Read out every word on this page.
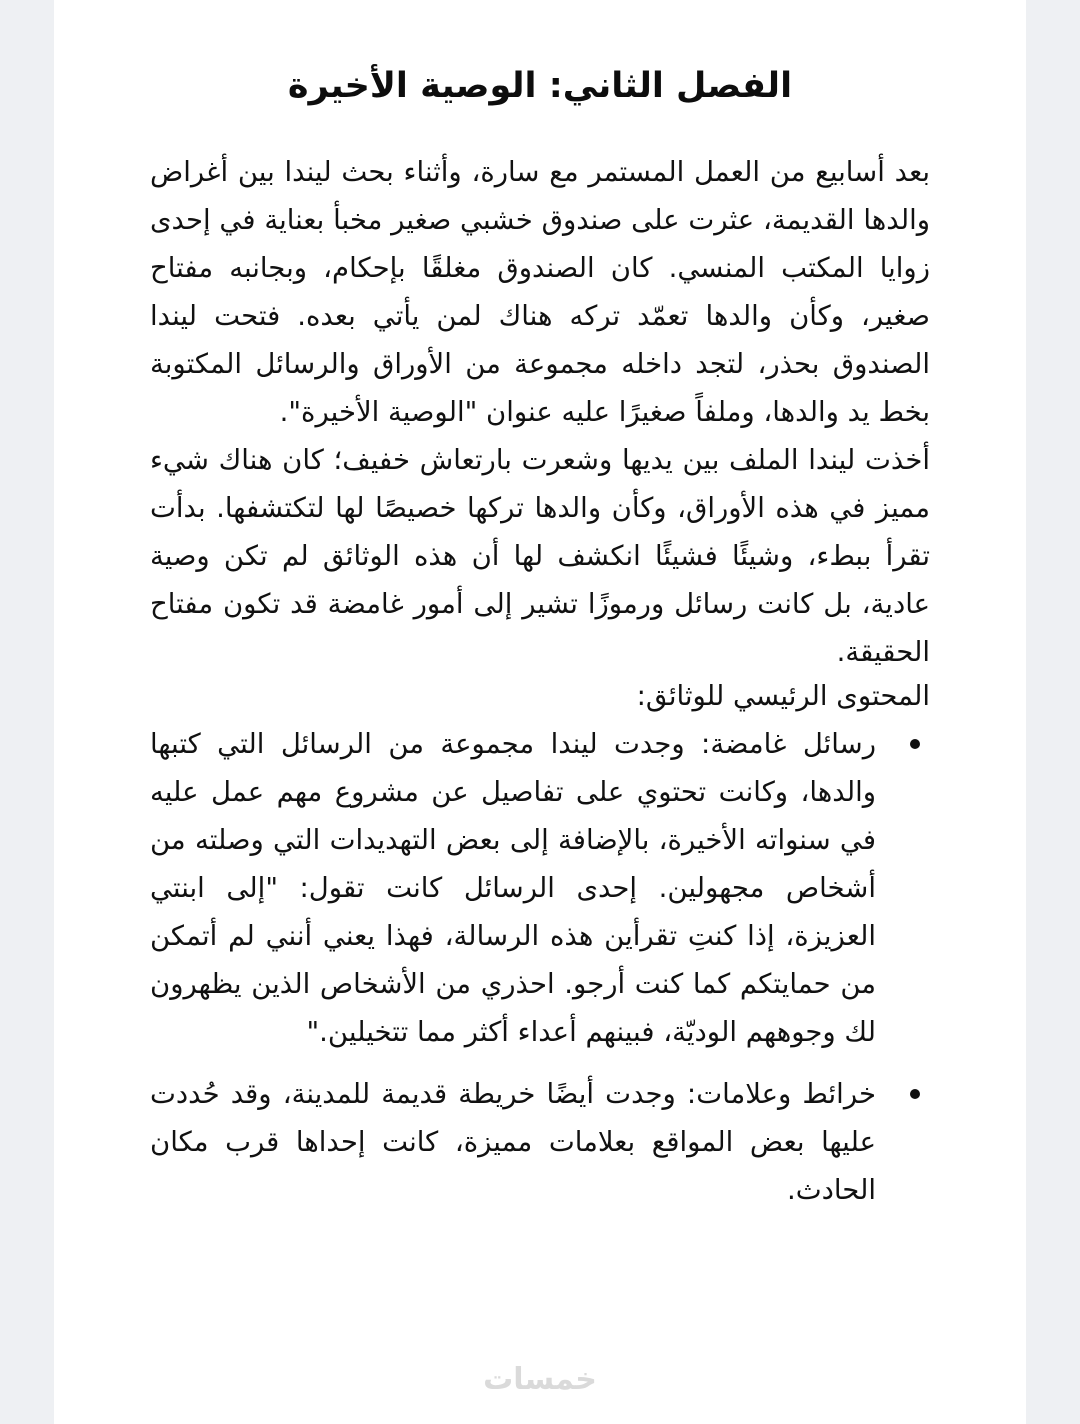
الفصل الثاني: الوصية الأخيرة

بعد أسابيع من العمل المستمر مع سارة، وأثناء بحث ليندا بين أغراض والدها القديمة، عثرت على صندوق خشبي صغير مخبأ بعناية في إحدى زوايا المكتب المنسي. كان الصندوق مغلقًا بإحكام، وبجانبه مفتاح صغير، وكأن والدها تعمّد تركه هناك لمن يأتي بعده. فتحت ليندا الصندوق بحذر، لتجد داخله مجموعة من الأوراق والرسائل المكتوبة بخط يد والدها، وملفاً صغيرًا عليه عنوان "الوصية الأخيرة".

أخذت ليندا الملف بين يديها وشعرت بارتعاش خفيف؛ كان هناك شيء مميز في هذه الأوراق، وكأن والدها تركها خصيصًا لها لتكتشفها. بدأت تقرأ ببطء، وشيئًا فشيئًا انكشف لها أن هذه الوثائق لم تكن وصية عادية، بل كانت رسائل ورموزًا تشير إلى أمور غامضة قد تكون مفتاح الحقيقة.

المحتوى الرئيسي للوثائق:

رسائل غامضة: وجدت ليندا مجموعة من الرسائل التي كتبها والدها، وكانت تحتوي على تفاصيل عن مشروع مهم عمل عليه في سنواته الأخيرة، بالإضافة إلى بعض التهديدات التي وصلته من أشخاص مجهولين. إحدى الرسائل كانت تقول: "إلى ابنتي العزيزة، إذا كنتِ تقرأين هذه الرسالة، فهذا يعني أنني لم أتمكن من حمايتكم كما كنت أرجو. احذري من الأشخاص الذين يظهرون لك وجوههم الوديّة، فبينهم أعداء أكثر مما تتخيلين."
خرائط وعلامات: وجدت أيضًا خريطة قديمة للمدينة، وقد حُددت عليها بعض المواقع بعلامات مميزة، كانت إحداها قرب مكان الحادث.
خمسات
